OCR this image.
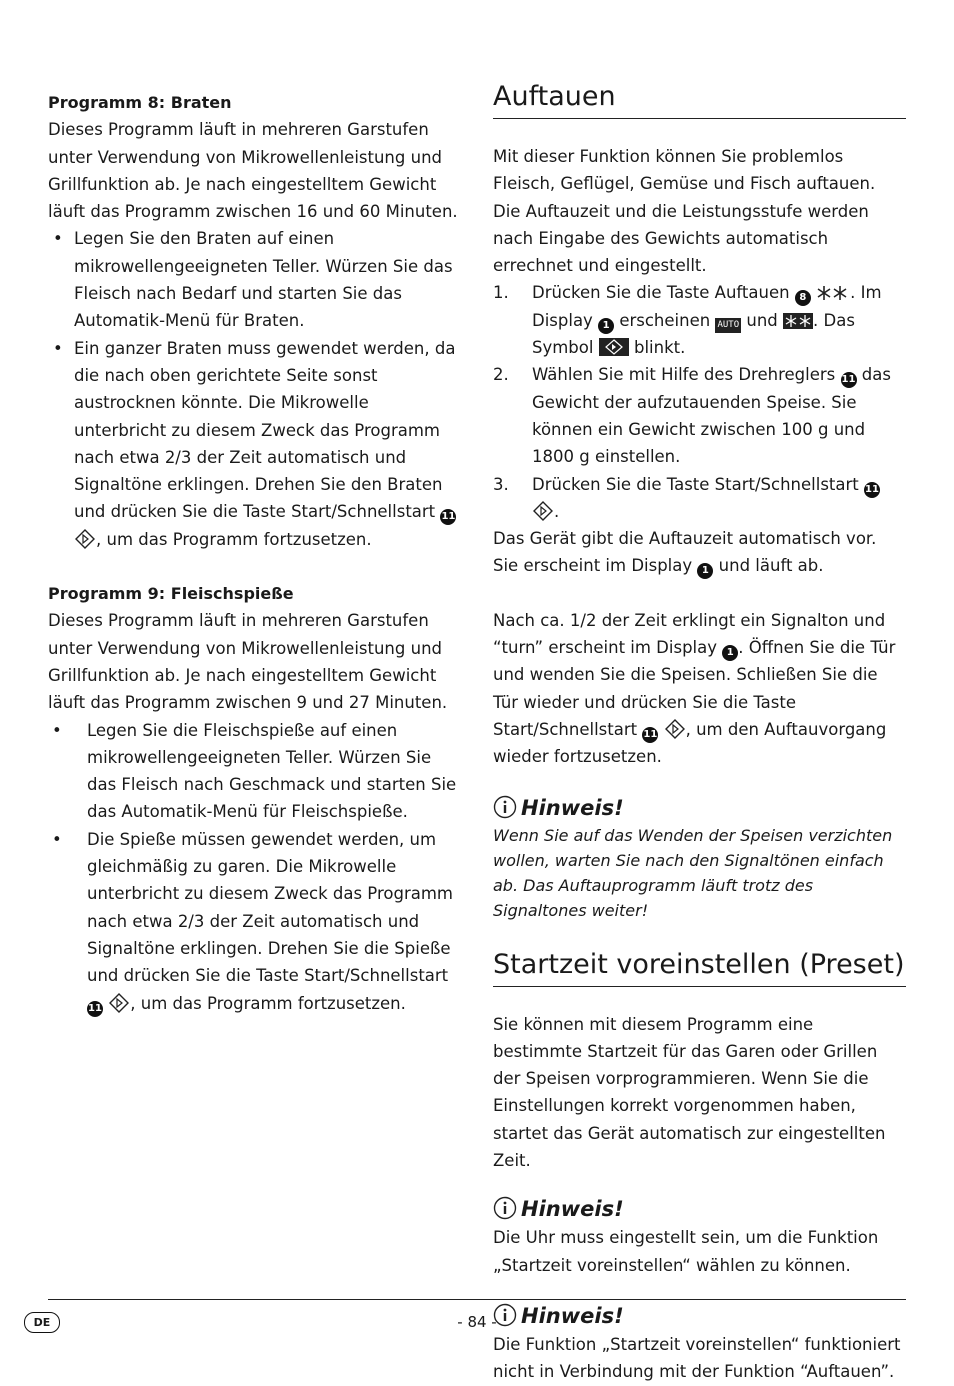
Programm 8: Braten

Dieses Programm läuft in mehreren Garstufen unter Verwendung von Mikrowellenleistung und Grillfunktion ab. Je nach eingestelltem Gewicht läuft das Programm zwischen 16 und 60 Minuten.

• Legen Sie den Braten auf einen mikrowellengeeigneten Teller. Würzen Sie das Fleisch nach Bedarf und starten Sie das Automatik-Menü für Braten.
• Ein ganzer Braten muss gewendet werden, da die nach oben gerichtete Seite sonst austrocknen könnte. Die Mikrowelle unterbricht zu diesem Zweck das Programm nach etwa 2/3 der Zeit automatisch und Signaltöne erklingen. Drehen Sie den Braten und drücken Sie die Taste Start/Schnellstart 11 , um das Programm fortzusetzen.

Programm 9: Fleischspieße

Dieses Programm läuft in mehreren Garstufen unter Verwendung von Mikrowellenleistung und Grillfunktion ab. Je nach eingestelltem Gewicht läuft das Programm zwischen 9 und 27 Minuten.

• Legen Sie die Fleischspieße auf einen mikrowellengeeigneten Teller. Würzen Sie das Fleisch nach Geschmack und starten Sie das Automatik-Menü für Fleischspieße.
• Die Spieße müssen gewendet werden, um gleichmäßig zu garen. Die Mikrowelle unterbricht zu diesem Zweck das Programm nach etwa 2/3 der Zeit automatisch und Signaltöne erklingen. Drehen Sie die Spieße und drücken Sie die Taste Start/Schnellstart 11 , um das Programm fortzusetzen.
Auftauen

Mit dieser Funktion können Sie problemlos Fleisch, Geflügel, Gemüse und Fisch auftauen. Die Auftauzeit und die Leistungsstufe werden nach Eingabe des Gewichts automatisch errechnet und eingestellt.

1. Drücken Sie die Taste Auftauen 8	. Im Display 1 erscheinen AUTO und . Das Symbol blinkt.
2. Wählen Sie mit Hilfe des Drehreglers 11 das Gewicht der aufzutauenden Speise. Sie können ein Gewicht zwischen 100 g und 1800 g einstellen.
3. Drücken Sie die Taste Start/Schnellstart 11 .

Das Gerät gibt die Auftauzeit automatisch vor. Sie erscheint im Display 1 und läuft ab.

Nach ca. 1/2 der Zeit erklingt ein Signalton und “turn” erscheint im Display 1 . Öffnen Sie die Tür und wenden Sie die Speisen. Schließen Sie die Tür wieder und drücken Sie die Taste Start/Schnellstart 11 , um den Auftauvorgang wieder fortzusetzen.

Hinweis!

Wenn Sie auf das Wenden der Speisen verzichten wollen, warten Sie nach den Signaltönen einfach ab. Das Auftauprogramm läuft trotz des Signaltones weiter!

Startzeit voreinstellen (Preset)

Sie können mit diesem Programm eine bestimmte Startzeit für das Garen oder Grillen der Speisen vorprogrammieren. Wenn Sie die Einstellungen korrekt vorgenommen haben, startet das Gerät automatisch zur eingestellten Zeit.

Hinweis!

Die Uhr muss eingestellt sein, um die Funktion „Startzeit voreinstellen“ wählen zu können.

Hinweis!

Die Funktion „Startzeit voreinstellen“ funktioniert nicht in Verbindung mit der Funktion “Auftauen”.

DE	- 84 -
